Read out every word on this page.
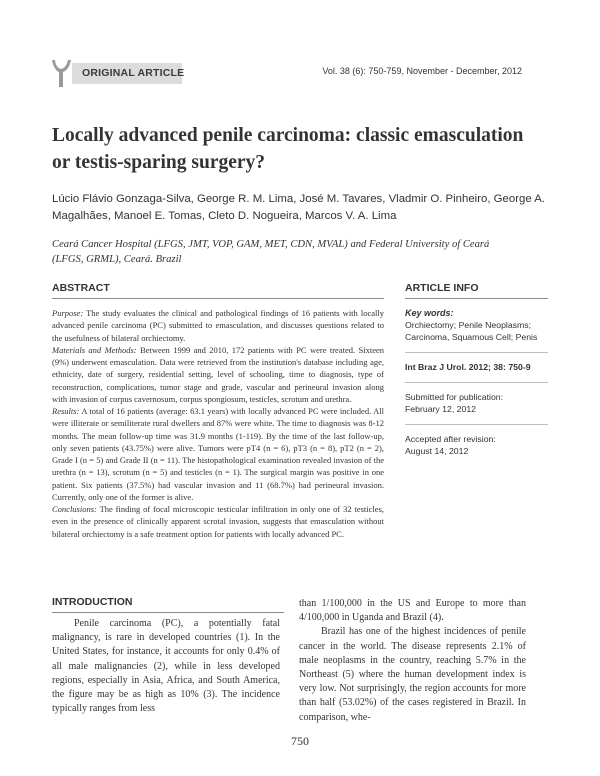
ORIGINAL ARTICLE	Vol. 38 (6): 750-759, November - December, 2012
Locally advanced penile carcinoma: classic emasculation
or testis-sparing surgery?
Lúcio Flávio Gonzaga-Silva, George R. M. Lima, José M. Tavares, Vladmir O. Pinheiro, George A.
Magalhães, Manoel E. Tomas, Cleto D. Nogueira, Marcos V. A. Lima
Ceará Cancer Hospital (LFGS, JMT, VOP, GAM, MET, CDN, MVAL) and Federal University of Ceará
(LFGS, GRML), Ceará. Brazil
ABSTRACT

Purpose: The study evaluates the clinical and pathological findings of 16 patients with locally advanced penile carcinoma (PC) submitted to emasculation, and discusses questions related to the usefulness of bilateral orchiectomy.

Materials and Methods: Between 1999 and 2010, 172 patients with PC were treated. Sixteen (9%) underwent emasculation. Data were retrieved from the institution's database including age, ethnicity, date of surgery, residential setting, level of schooling, time to diagnosis, type of reconstruction, complications, tumor stage and grade, vascular and perineural invasion along with invasion of corpus cavernosum, corpus spongiosum, testicles, scrotum and urethra.

Results: A total of 16 patients (average: 63.1 years) with locally advanced PC were included. All were illiterate or semiliterate rural dwellers and 87% were white. The time to diagnosis was 8-12 months. The mean follow-up time was 31.9 months (1-119). By the time of the last follow-up, only seven patients (43.75%) were alive. Tumors were pT4 (n = 6), pT3 (n = 8), pT2 (n = 2), Grade I (n = 5) and Grade II (n = 11). The histopathological examination revealed invasion of the urethra (n = 13), scrotum (n = 5) and testicles (n = 1). The surgical margin was positive in one patient. Six patients (37.5%) had vascular invasion and 11 (68.7%) had perineural invasion. Currently, only one of the former is alive.

Conclusions: The finding of focal microscopic testicular infiltration in only one of 32 testicles, even in the presence of clinically apparent scrotal invasion, suggests that emasculation without bilateral orchiectomy is a safe treatment option for patients with locally advanced PC.

ARTICLE INFO

Key words:

Orchiectomy; Penile Neoplasms; Carcinoma, Squamous Cell; Penis

Int Braz J Urol. 2012; 38: 750-9

Submitted for publication:

February 12, 2012

Accepted after revision:

August 14, 2012

INTRODUCTION

Penile carcinoma (PC), a potentially fatal malignancy, is rare in developed countries (1). In the United States, for instance, it accounts for only 0.4% of all male malignancies (2), while in less developed regions, especially in Asia, Africa, and South America, the figure may be as high as 10% (3). The incidence typically ranges from less

than 1/100,000 in the US and Europe to more than 4/100,000 in Uganda and Brazil (4).

Brazil has one of the highest incidences of penile cancer in the world. The disease represents 2.1% of male neoplasms in the country, reaching 5.7% in the Northeast (5) where the human development index is very low. Not surprisingly, the region accounts for more than half (53.02%) of the cases registered in Brazil. In comparison, whe-

750
